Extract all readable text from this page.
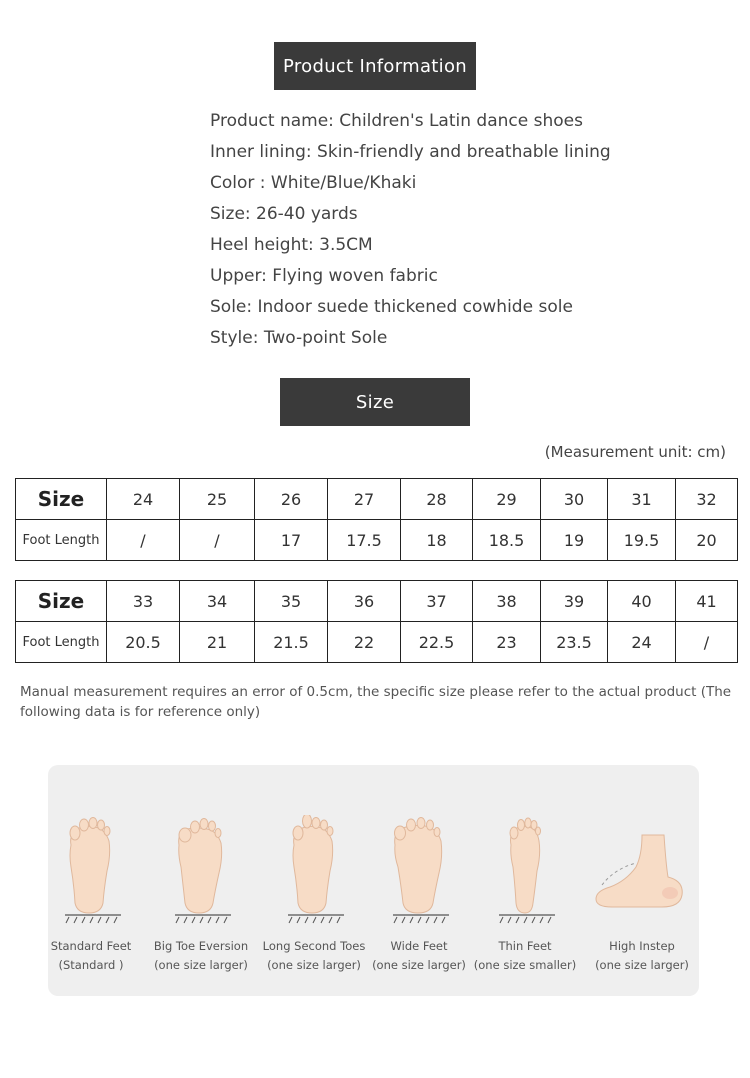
Product Information
Product name: Children's Latin dance shoes
Inner lining: Skin-friendly and breathable lining
Color : White/Blue/Khaki
Size: 26-40 yards
Heel height: 3.5CM
Upper: Flying woven fabric
Sole: Indoor suede thickened cowhide sole
Style: Two-point Sole
Size
(Measurement unit: cm)
Size	24	25	26	27	28	29	30	31	32
Foot Length	/	/	17	17.5	18	18.5	19	19.5	20
Size	33	34	35	36	37	38	39	40	41
Foot Length	20.5	21	21.5	22	22.5	23	23.5	24	/
Manual measurement requires an error of 0.5cm, the specific size please refer to the actual product (The following data is for reference only)
Standard Feet
(Standard )
Big Toe Eversion
(one size larger)
Long Second Toes
(one size larger)
Wide Feet
(one size larger)
Thin Feet
(one size smaller)
High Instep
(one size larger)
